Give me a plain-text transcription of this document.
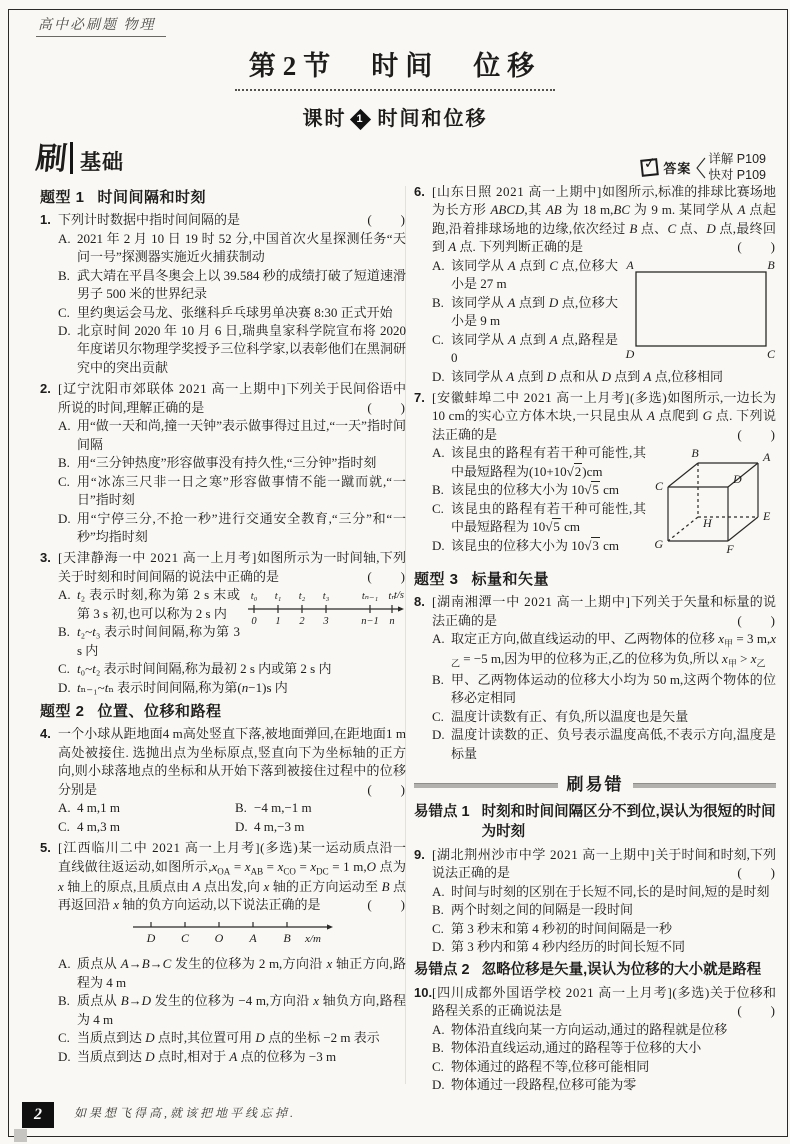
高中必刷题 物理
第2节　时间　位移
课时 1 时间和位移
刷 基础 ✓	答案
详解 P109
快对 P109
题型 1 时间间隔和时刻
1. 下列计时数据中指时间间隔的是	(　　)

A. 2021 年 2 月 10 日 19 时 52 分,中国首次火星探测任务“天问一号”探测器实施近火捕获制动
B. 武大靖在平昌冬奥会上以 39.584 秒的成绩打破了短道速滑男子 500 米的世界纪录
C. 里约奥运会马龙、张继科乒乓球男单决赛 8:30 正式开始
D. 北京时间 2020 年 10 月 6 日,瑞典皇家科学院宣布将 2020 年度诺贝尔物理学奖授予三位科学家,以表彰他们在黑洞研究中的突出贡献
2. [辽宁沈阳市郊联体 2021 高一上期中]下列关于民间俗语中所说的时间,理解正确的是	(　　)

A. 用“做一天和尚,撞一天钟”表示做事得过且过,“一天”指时间间隔
B. 用“三分钟热度”形容做事没有持久性,“三分钟”指时刻
C. 用“冰冻三尺非一日之寒”形容做事情不能一蹴而就,“一日”指时刻
D. 用“宁停三分,不抢一秒”进行交通安全教育,“三分”和“一秒”均指时刻
3. [天津静海一中 2021 高一上月考]如图所示为一时间轴,下列关于时刻和时间间隔的说法中正确的是	(　　)

t₀
0
t₁
1
t₂
2
t₃
3
tₙ₋₁
n−1
tₙ
n
t/s
A. t₂ 表示时刻,称为第 2 s 末或第 3 s 初,也可以称为 2 s 内
B. t₂~t₃ 表示时间间隔,称为第 3 s 内
C. t₀~t₂ 表示时间间隔,称为最初 2 s 内或第 2 s 内
D. tₙ₋₁~tₙ 表示时间间隔,称为第(n−1)s 内
题型 2 位置、位移和路程
4. 一个小球从距地面4 m高处竖直下落,被地面弹回,在距地面1 m高处被接住. 选抛出点为坐标原点,竖直向下为坐标轴的正方向,则小球落地点的坐标和从开始下落到被接住过程中的位移分别是	(　　)

A. 4 m,1 m	B. −4 m,−1 m
C. 4 m,3 m	D. 4 m,−3 m
5. [江西临川二中 2021 高一上月考](多选)某一运动质点沿一直线做往返运动,如图所示$,x_{OA} = x_{AB} = x_{CO} = x_{DC} = 1$ m,O 点为 x 轴上的原点,且质点由 A 点出发,向 x 轴的正方向运动至 B 点再返回沿 x 轴的负方向运动,以下说法正确的是	(　　)

D C O A B x/m
A. 质点从 A→B→C 发生的位移为 2 m,方向沿 x 轴正方向,路程为 4 m
B. 质点从 B→D 发生的位移为 −4 m,方向沿 x 轴负方向,路程为 4 m
C. 当质点到达 D 点时,其位置可用 D 点的坐标 −2 m 表示
D. 当质点到达 D 点时,相对于 A 点的位移为 −3 m
6. [山东日照 2021 高一上期中]如图所示,标准的排球比赛场地为长方形 ABCD,其 AB 为 18 m,BC 为 9 m. 某同学从 A 点起跑,沿着排球场地的边缘,依次经过 B 点、C 点、D 点,最终回到 A 点. 下列判断正确的是	(　　)

A	B
D	C
A. 该同学从 A 点到 C 点,位移大小是 27 m
B. 该同学从 A 点到 D 点,位移大小是 9 m
C. 该同学从 A 点到 A 点,路程是 0
D. 该同学从 A 点到 D 点和从 D 点到 A 点,位移相同
7. [安徽蚌埠二中 2021 高一上月考](多选)如图所示,一边长为10 cm的实心立方体木块,一只昆虫从 A 点爬到 G 点. 下列说法正确的是	(　　)

B	A
C	D
H	E
G	F
A. 该昆虫的路程有若干种可能性,其中最短路程为(10+10√2)cm
B. 该昆虫的位移大小为 10√5 cm
C. 该昆虫的路程有若干种可能性,其中最短路程为 10√5 cm
D. 该昆虫的位移大小为 10√3 cm
题型 3 标量和矢量
8. [湖南湘潭一中 2021 高一上期中]下列关于矢量和标量的说法正确的是	(　　)

A. 取定正方向,做直线运动的甲、乙两物体的位移 $x_甲 = 3$ $m,x_乙 = -5$ m,因为甲的位移为正,乙的位移为负,所以 $x_甲 > x_乙$
B. 甲、乙两物体运动的位移大小均为 50 m,这两个物体的位移必定相同
C. 温度计读数有正、有负,所以温度也是矢量
D. 温度计读数的正、负号表示温度高低,不表示方向,温度是标量
刷易错
易错点 1 时刻和时间间隔区分不到位,误认为很短的时间为时刻
9. [湖北荆州沙市中学 2021 高一上期中]关于时间和时刻,下列说法正确的是	(　　)

A. 时间与时刻的区别在于长短不同,长的是时间,短的是时刻
B. 两个时刻之间的间隔是一段时间
C. 第 3 秒末和第 4 秒初的时间间隔是一秒
D. 第 3 秒内和第 4 秒内经历的时间长短不同
易错点 2 忽略位移是矢量,误认为位移的大小就是路程
10. [四川成都外国语学校 2021 高一上月考](多选)关于位移和路程关系的正确说法是	(　　)

A. 物体沿直线向某一方向运动,通过的路程就是位移
B. 物体沿直线运动,通过的路程等于位移的大小
C. 物体通过的路程不等,位移可能相同
D. 物体通过一段路程,位移可能为零
2	如果想飞得高,就该把地平线忘掉.
